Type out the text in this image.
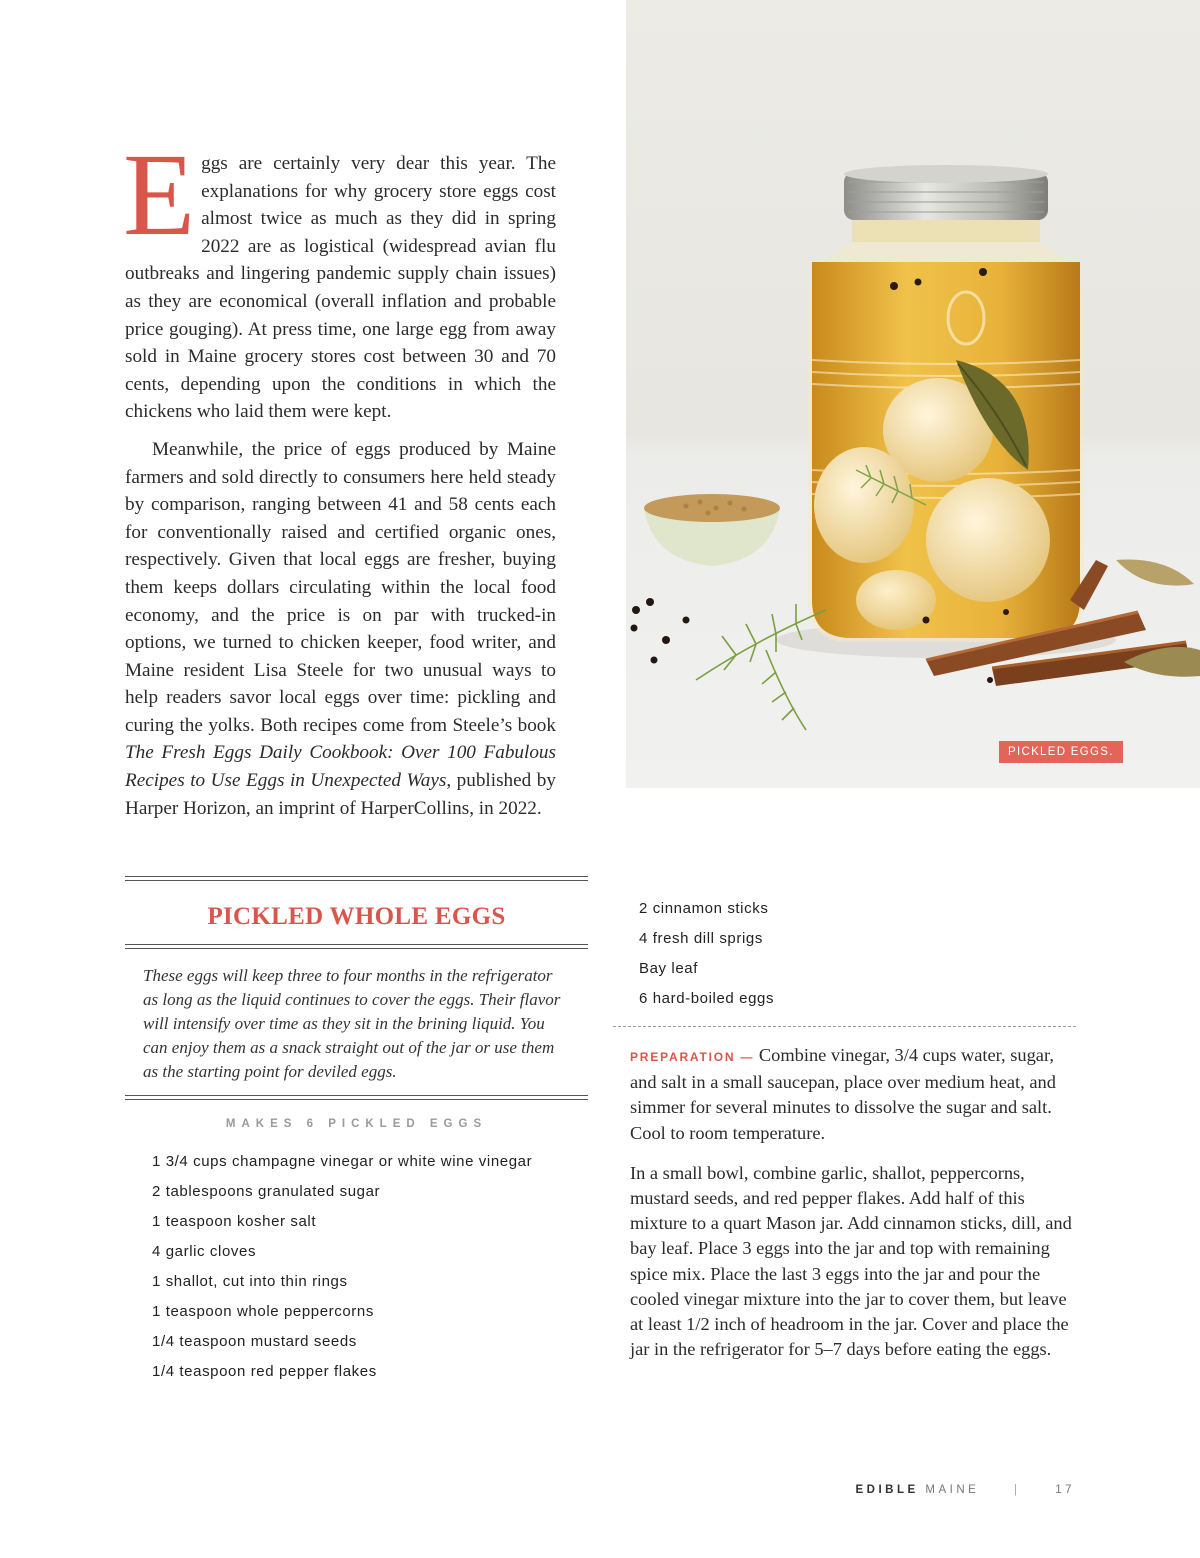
E ggs are certainly very dear this year. The explanations for why grocery store eggs cost almost twice as much as they did in spring 2022 are as logistical (widespread avian flu outbreaks and lingering pandemic supply chain issues) as they are economical (overall inflation and probable price gouging). At press time, one large egg from away sold in Maine grocery stores cost between 30 and 70 cents, depending upon the conditions in which the chickens who laid them were kept.

Meanwhile, the price of eggs produced by Maine farmers and sold directly to consumers here held steady by comparison, ranging between 41 and 58 cents each for conventionally raised and certified organic ones, respectively. Given that local eggs are fresher, buying them keeps dollars circulating within the local food economy, and the price is on par with trucked-in options, we turned to chicken keeper, food writer, and Maine resident Lisa Steele for two unusual ways to help readers savor local eggs over time: pickling and curing the yolks. Both recipes come from Steele’s book The Fresh Eggs Daily Cookbook: Over 100 Fabulous Recipes to Use Eggs in Unexpected Ways, published by Harper Horizon, an imprint of HarperCollins, in 2022.

PICKLED EGGS.
PICKLED WHOLE EGGS

These eggs will keep three to four months in the refrigerator as long as the liquid continues to cover the eggs. Their flavor will intensify over time as they sit in the brining liquid. You can enjoy them as a snack straight out of the jar or use them as the starting point for deviled eggs.

MAKES 6 PICKLED EGGS
1 3/4 cups champagne vinegar or white wine vinegar
2 tablespoons granulated sugar
1 teaspoon kosher salt
4 garlic cloves
1 shallot, cut into thin rings
1 teaspoon whole peppercorns
1/4 teaspoon mustard seeds
1/4 teaspoon red pepper flakes
2 cinnamon sticks
4 fresh dill sprigs
Bay leaf
6 hard-boiled eggs

PREPARATION — Combine vinegar, 3/4 cups water, sugar, and salt in a small saucepan, place over medium heat, and simmer for several minutes to dissolve the sugar and salt. Cool to room temperature.

In a small bowl, combine garlic, shallot, peppercorns, mustard seeds, and red pepper flakes. Add half of this mixture to a quart Mason jar. Add cinnamon sticks, dill, and bay leaf. Place 3 eggs into the jar and top with remaining spice mix. Place the last 3 eggs into the jar and pour the cooled vinegar mixture into the jar to cover them, but leave at least 1/2 inch of headroom in the jar. Cover and place the jar in the refrigerator for 5–7 days before eating the eggs.

EDIBLE MAINE	|	17
